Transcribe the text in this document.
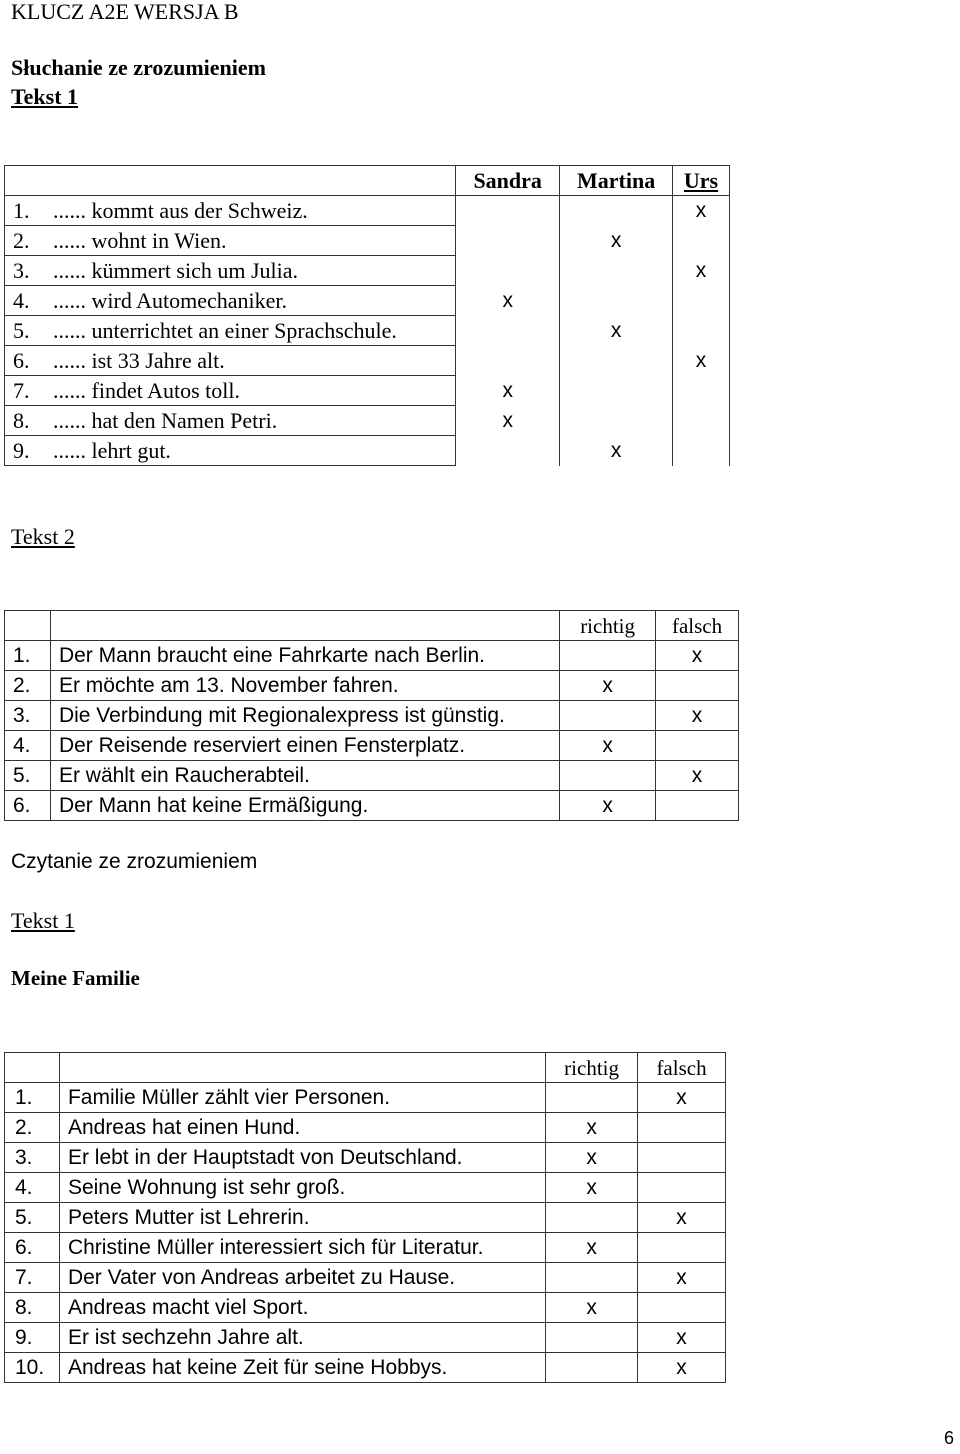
KLUCZ A2E WERSJA B
Słuchanie ze zrozumieniem
Tekst 1
	Sandra	Martina	Urs
1. ...... kommt aus der Schweiz.			x
2. ...... wohnt in Wien.		x	
3. ...... kümmert sich um Julia.			x
4. ...... wird Automechaniker.	x		
5. ...... unterrichtet an einer Sprachschule.		x	
6. ...... ist 33 Jahre alt.			x
7. ...... findet Autos toll.	x		
8. ...... hat den Namen Petri.	x		
9. ...... lehrt gut.		x	
Tekst 2
		richtig	falsch
1.	Der Mann braucht eine Fahrkarte nach Berlin.		x
2.	Er möchte am 13. November fahren.	x	
3.	Die Verbindung mit Regionalexpress ist günstig.		x
4.	Der Reisende reserviert einen Fensterplatz.	x	
5.	Er wählt ein Raucherabteil.		x
6.	Der Mann hat keine Ermäßigung.	x	
Czytanie ze zrozumieniem
Tekst 1
Meine Familie
		richtig	falsch
1.	Familie Müller zählt vier Personen.		x
2.	Andreas hat einen Hund.	x	
3.	Er lebt in der Hauptstadt von Deutschland.	x	
4.	Seine Wohnung ist sehr groß.	x	
5.	Peters Mutter ist Lehrerin.		x
6.	Christine Müller interessiert sich für Literatur.	x	
7.	Der Vater von Andreas arbeitet zu Hause.		x
8.	Andreas macht viel Sport.	x	
9.	Er ist sechzehn Jahre alt.		x
10.	Andreas hat keine Zeit für seine Hobbys.		x
6
